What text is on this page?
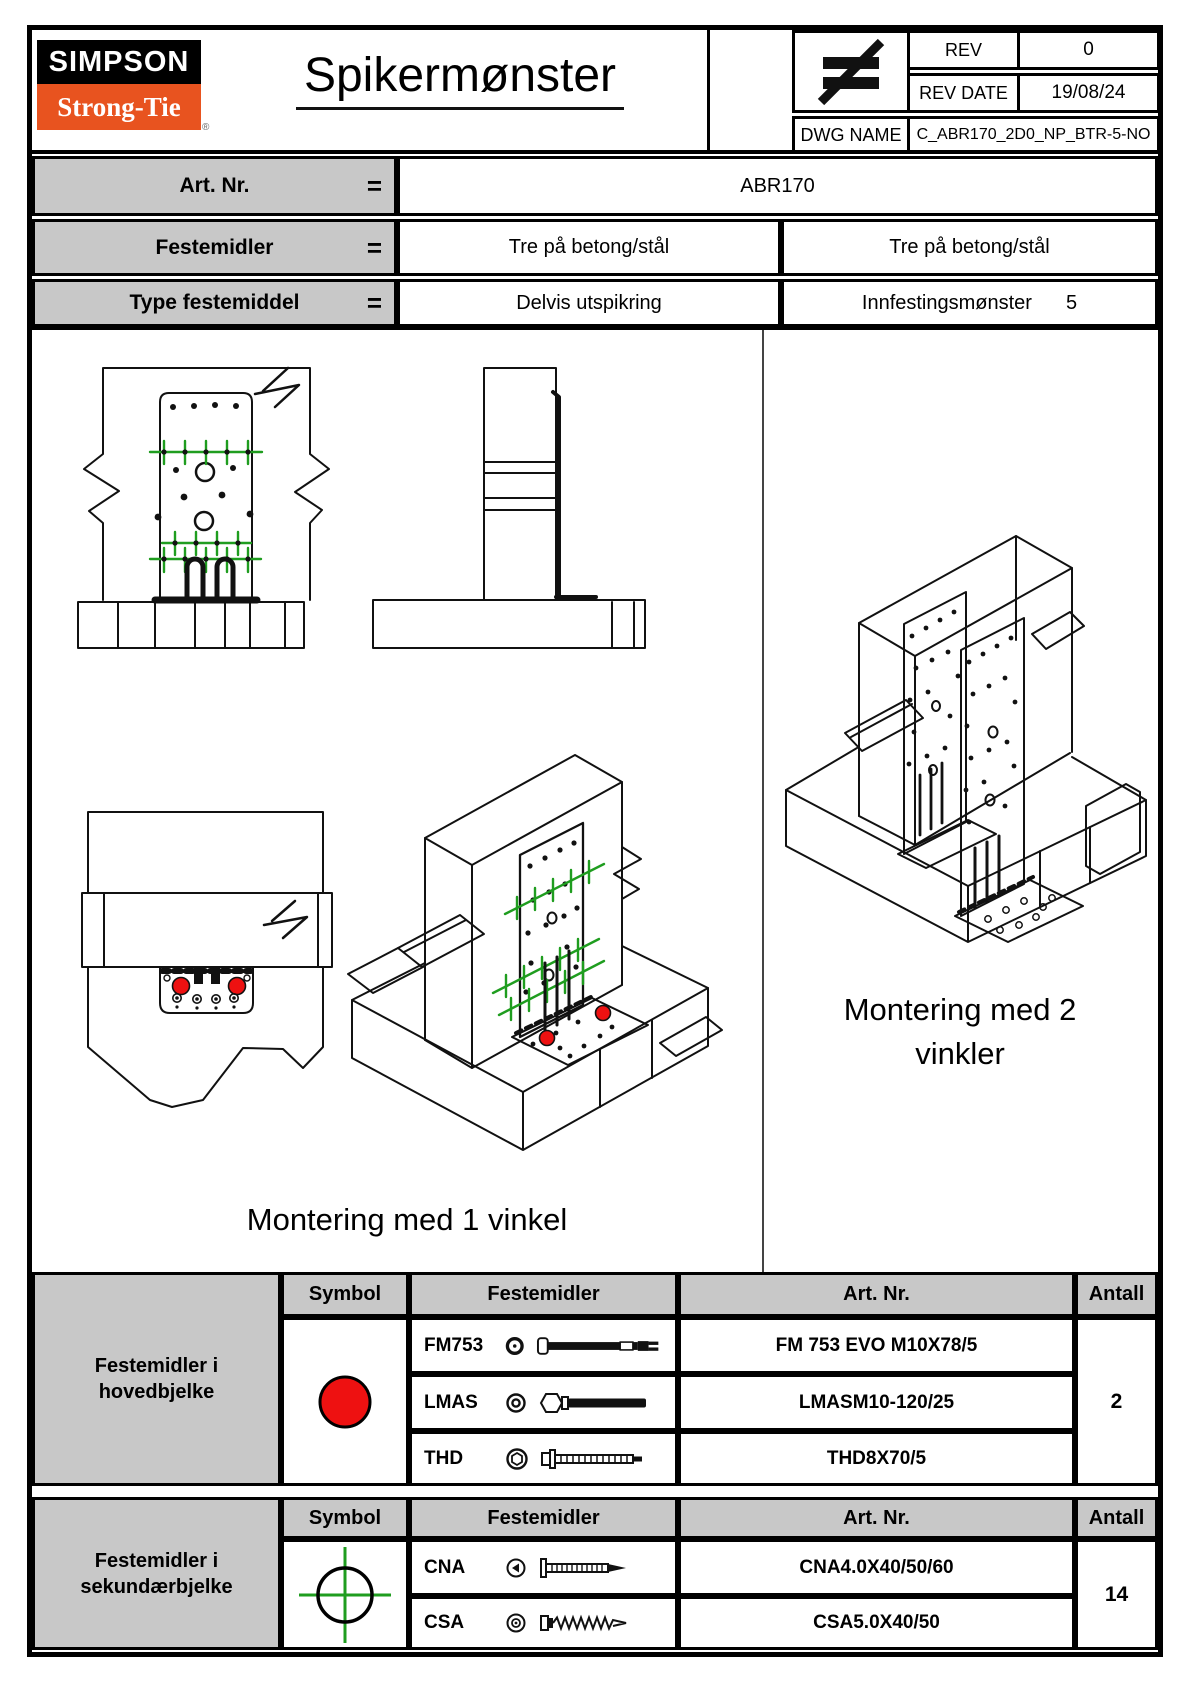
SIMPSON
Strong-Tie
®
Spikermønster	REV	0
REV DATE	19/08/24
DWG NAME C_ABR170_2D0_NP_BTR-5-NO
Art. Nr.	=	ABR170
Festemidler	=	Tre på betong/stål	Tre på betong/stål
Type festemiddel	=	Delvis utspikring	Innfestingsmønster 5
Montering med 1 vinkel
Montering med 2
vinkler
Festemidler i
hovedbjelke
Symbol	Festemidler	Art. Nr.	Antall
FM753	FM 753 EVO M10X78/5
LMAS	LMASM10-120/25
THD	THD8X70/5
2
Festemidler i
sekundærbjelke
Symbol	Festemidler	Art. Nr.	Antall
CNA	CNA4.0X40/50/60
CSA	CSA5.0X40/50
14
